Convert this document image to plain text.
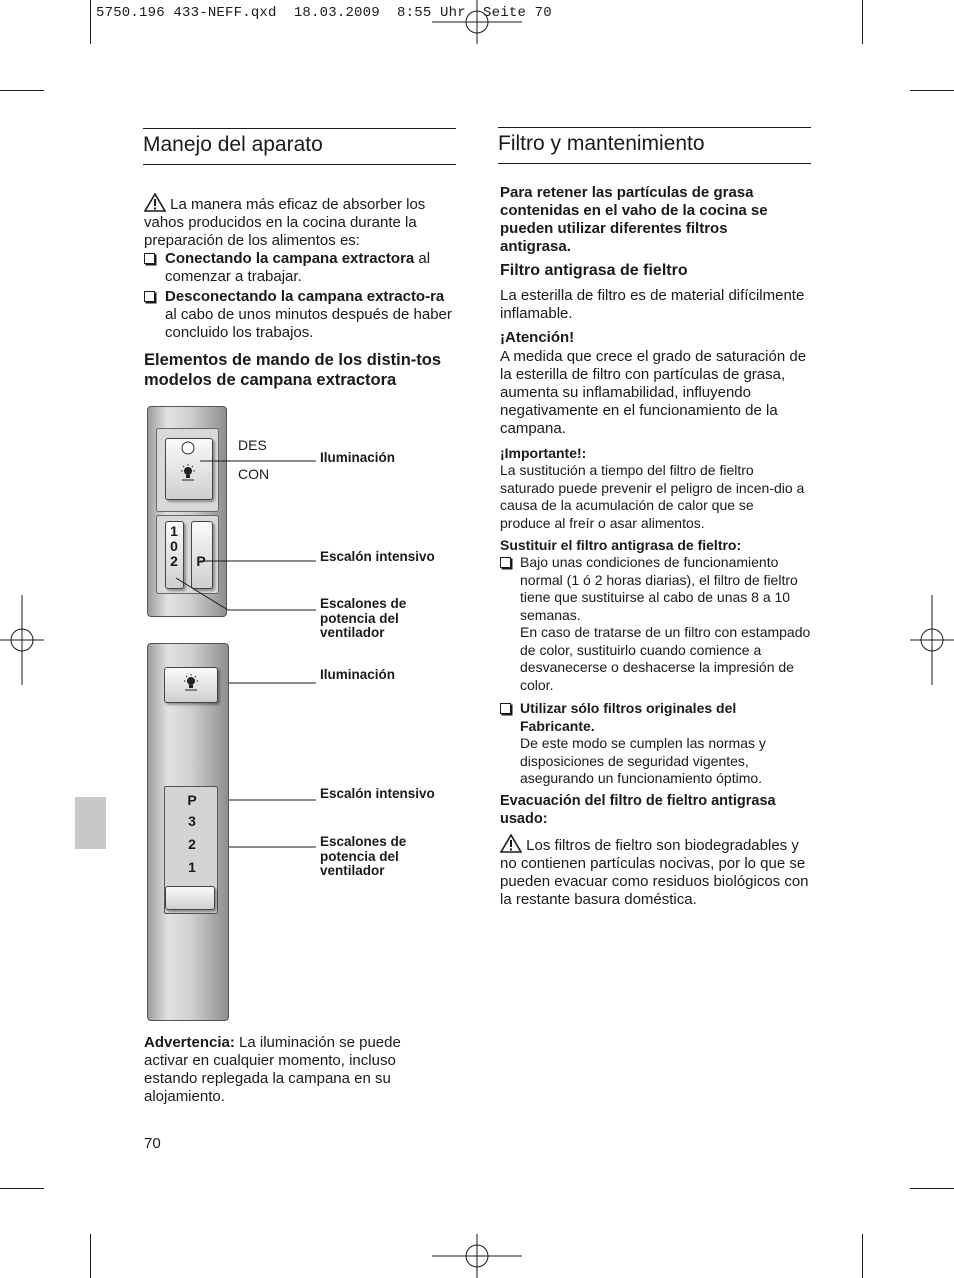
5750.196 433-NEFF.qxd  18.03.2009  8:55 Uhr  Seite 70
Manejo del aparato
La manera más eficaz de absorber los vahos producidos en la cocina durante la preparación de los alimentos es:
Conectando la campana extractora al comenzar a trabajar.
Desconectando la campana extracto-ra al cabo de unos minutos después de haber concluido los trabajos.
Elementos de mando de los distin-tos modelos de campana extractora
DES
CON
1
0
2 P
Iluminación
Escalón intensivo
Escalones de potencia del ventilador
P
3
2
1
Iluminación
Escalón intensivo
Escalones de potencia del ventilador
Advertencia: La iluminación se puede activar en cualquier momento, incluso estando replegada la campana en su alojamiento.
70
Filtro y mantenimiento
Para retener las partículas de grasa contenidas en el vaho de la cocina se pueden utilizar diferentes filtros antigrasa.
Filtro antigrasa de fieltro
La esterilla de filtro es de material difícilmente inflamable.
¡Atención!
A medida que crece el grado de saturación de la esterilla de filtro con partículas de grasa, aumenta su inflamabilidad, influyendo negativamente en el funcionamiento de la campana.
¡Importante!:
La sustitución a tiempo del filtro de fieltro saturado puede prevenir el peligro de incen-dio a causa de la acumulación de calor que se produce al freír o asar alimentos.
Sustituir el filtro antigrasa de fieltro:
Bajo unas condiciones de funcionamiento normal (1 ó 2 horas diarias), el filtro de fieltro tiene que sustituirse al cabo de unas 8 a 10 semanas.
En caso de tratarse de un filtro con estampado de color, sustituirlo cuando comience a desvanecerse o deshacerse la impresión de color.
Utilizar sólo filtros originales del Fabricante.
De este modo se cumplen las normas y disposiciones de seguridad vigentes, asegurando un funcionamiento óptimo.
Evacuación del filtro de fieltro antigrasa usado:
Los filtros de fieltro son biodegradables y no contienen partículas nocivas, por lo que se pueden evacuar como residuos biológicos con la restante basura doméstica.
